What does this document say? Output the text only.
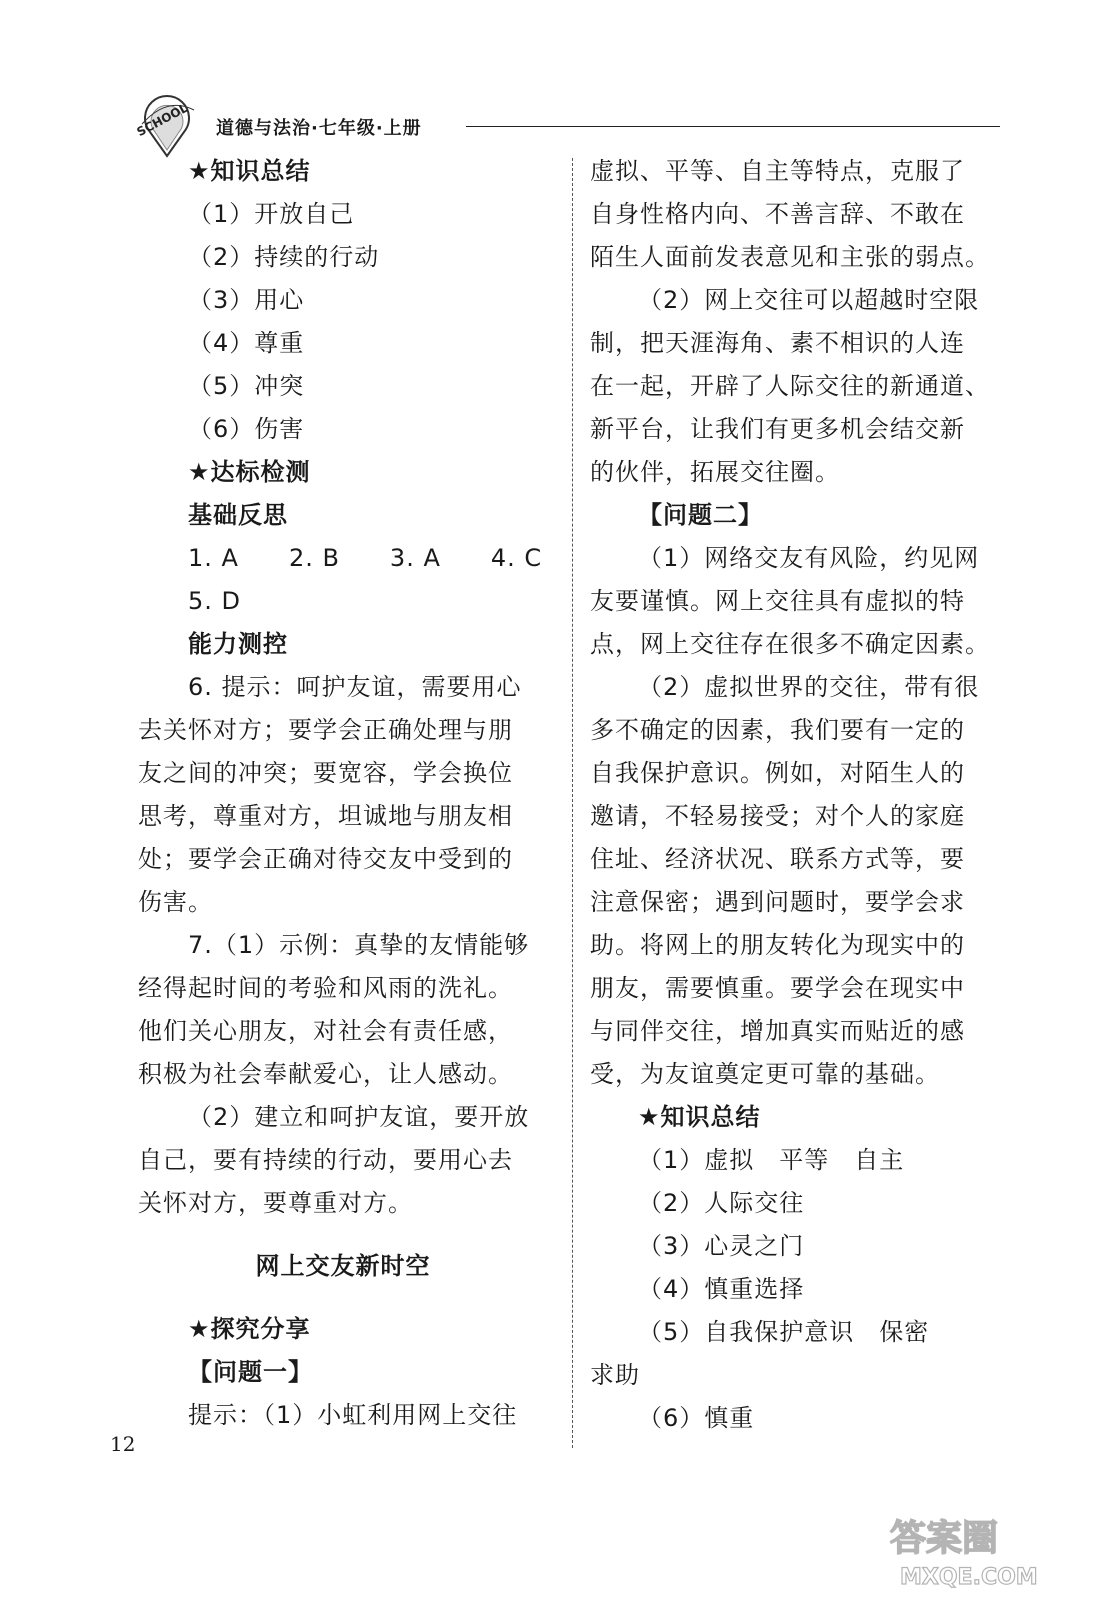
SCHOOL 道德与法治·七年级·上册
★知识总结
（1）开放自己
（2）持续的行动
（3）用心
（4）尊重
（5）冲突
（6）伤害
★达标检测
基础反思
1. A　　2. B　　3. A　　4. C
5. D
能力测控
6. 提示：呵护友谊，需要用心
去关怀对方；要学会正确处理与朋
友之间的冲突；要宽容，学会换位
思考，尊重对方，坦诚地与朋友相
处；要学会正确对待交友中受到的
伤害。
7.（1）示例：真挚的友情能够
经得起时间的考验和风雨的洗礼。
他们关心朋友，对社会有责任感，
积极为社会奉献爱心，让人感动。
（2）建立和呵护友谊，要开放
自己，要有持续的行动，要用心去
关怀对方，要尊重对方。
网上交友新时空
★探究分享
【问题一】
提示：（1）小虹利用网上交往
虚拟、平等、自主等特点，克服了
自身性格内向、不善言辞、不敢在
陌生人面前发表意见和主张的弱点。
（2）网上交往可以超越时空限
制，把天涯海角、素不相识的人连
在一起，开辟了人际交往的新通道、
新平台，让我们有更多机会结交新
的伙伴，拓展交往圈。
【问题二】
（1）网络交友有风险，约见网
友要谨慎。网上交往具有虚拟的特
点，网上交往存在很多不确定因素。
（2）虚拟世界的交往，带有很
多不确定的因素，我们要有一定的
自我保护意识。例如，对陌生人的
邀请，不轻易接受；对个人的家庭
住址、经济状况、联系方式等，要
注意保密；遇到问题时，要学会求
助。将网上的朋友转化为现实中的
朋友，需要慎重。要学会在现实中
与同伴交往，增加真实而贴近的感
受，为友谊奠定更可靠的基础。
★知识总结
（1）虚拟　平等　自主
（2）人际交往
（3）心灵之门
（4）慎重选择
（5）自我保护意识　保密
求助
（6）慎重
12
答案圈
MXQE.COM
